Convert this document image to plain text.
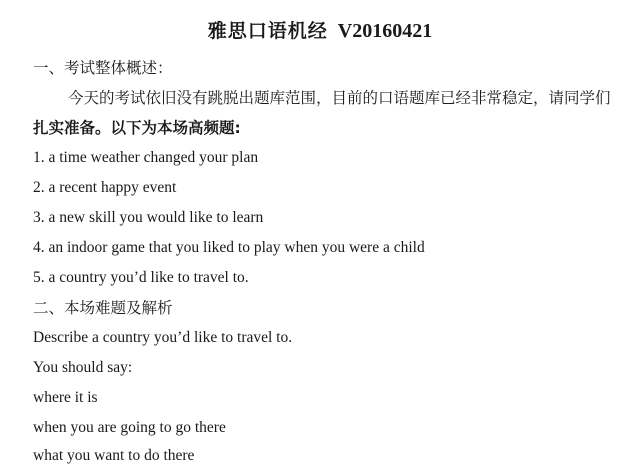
雅思口语机经 V20160421
一、考试整体概述：
今天的考试依旧没有跳脱出题库范围，目前的口语题库已经非常稳定，请同学们
扎实准备。以下为本场高频题:
1. a time weather changed your plan
2. a recent happy event
3. a new skill you would like to learn
4. an indoor game that you liked to play when you were a child
5. a country you’d like to travel to.
二、本场难题及解析
Describe a country you’d like to travel to.
You should say:
where it is
when you are going to go there
what you want to do there
